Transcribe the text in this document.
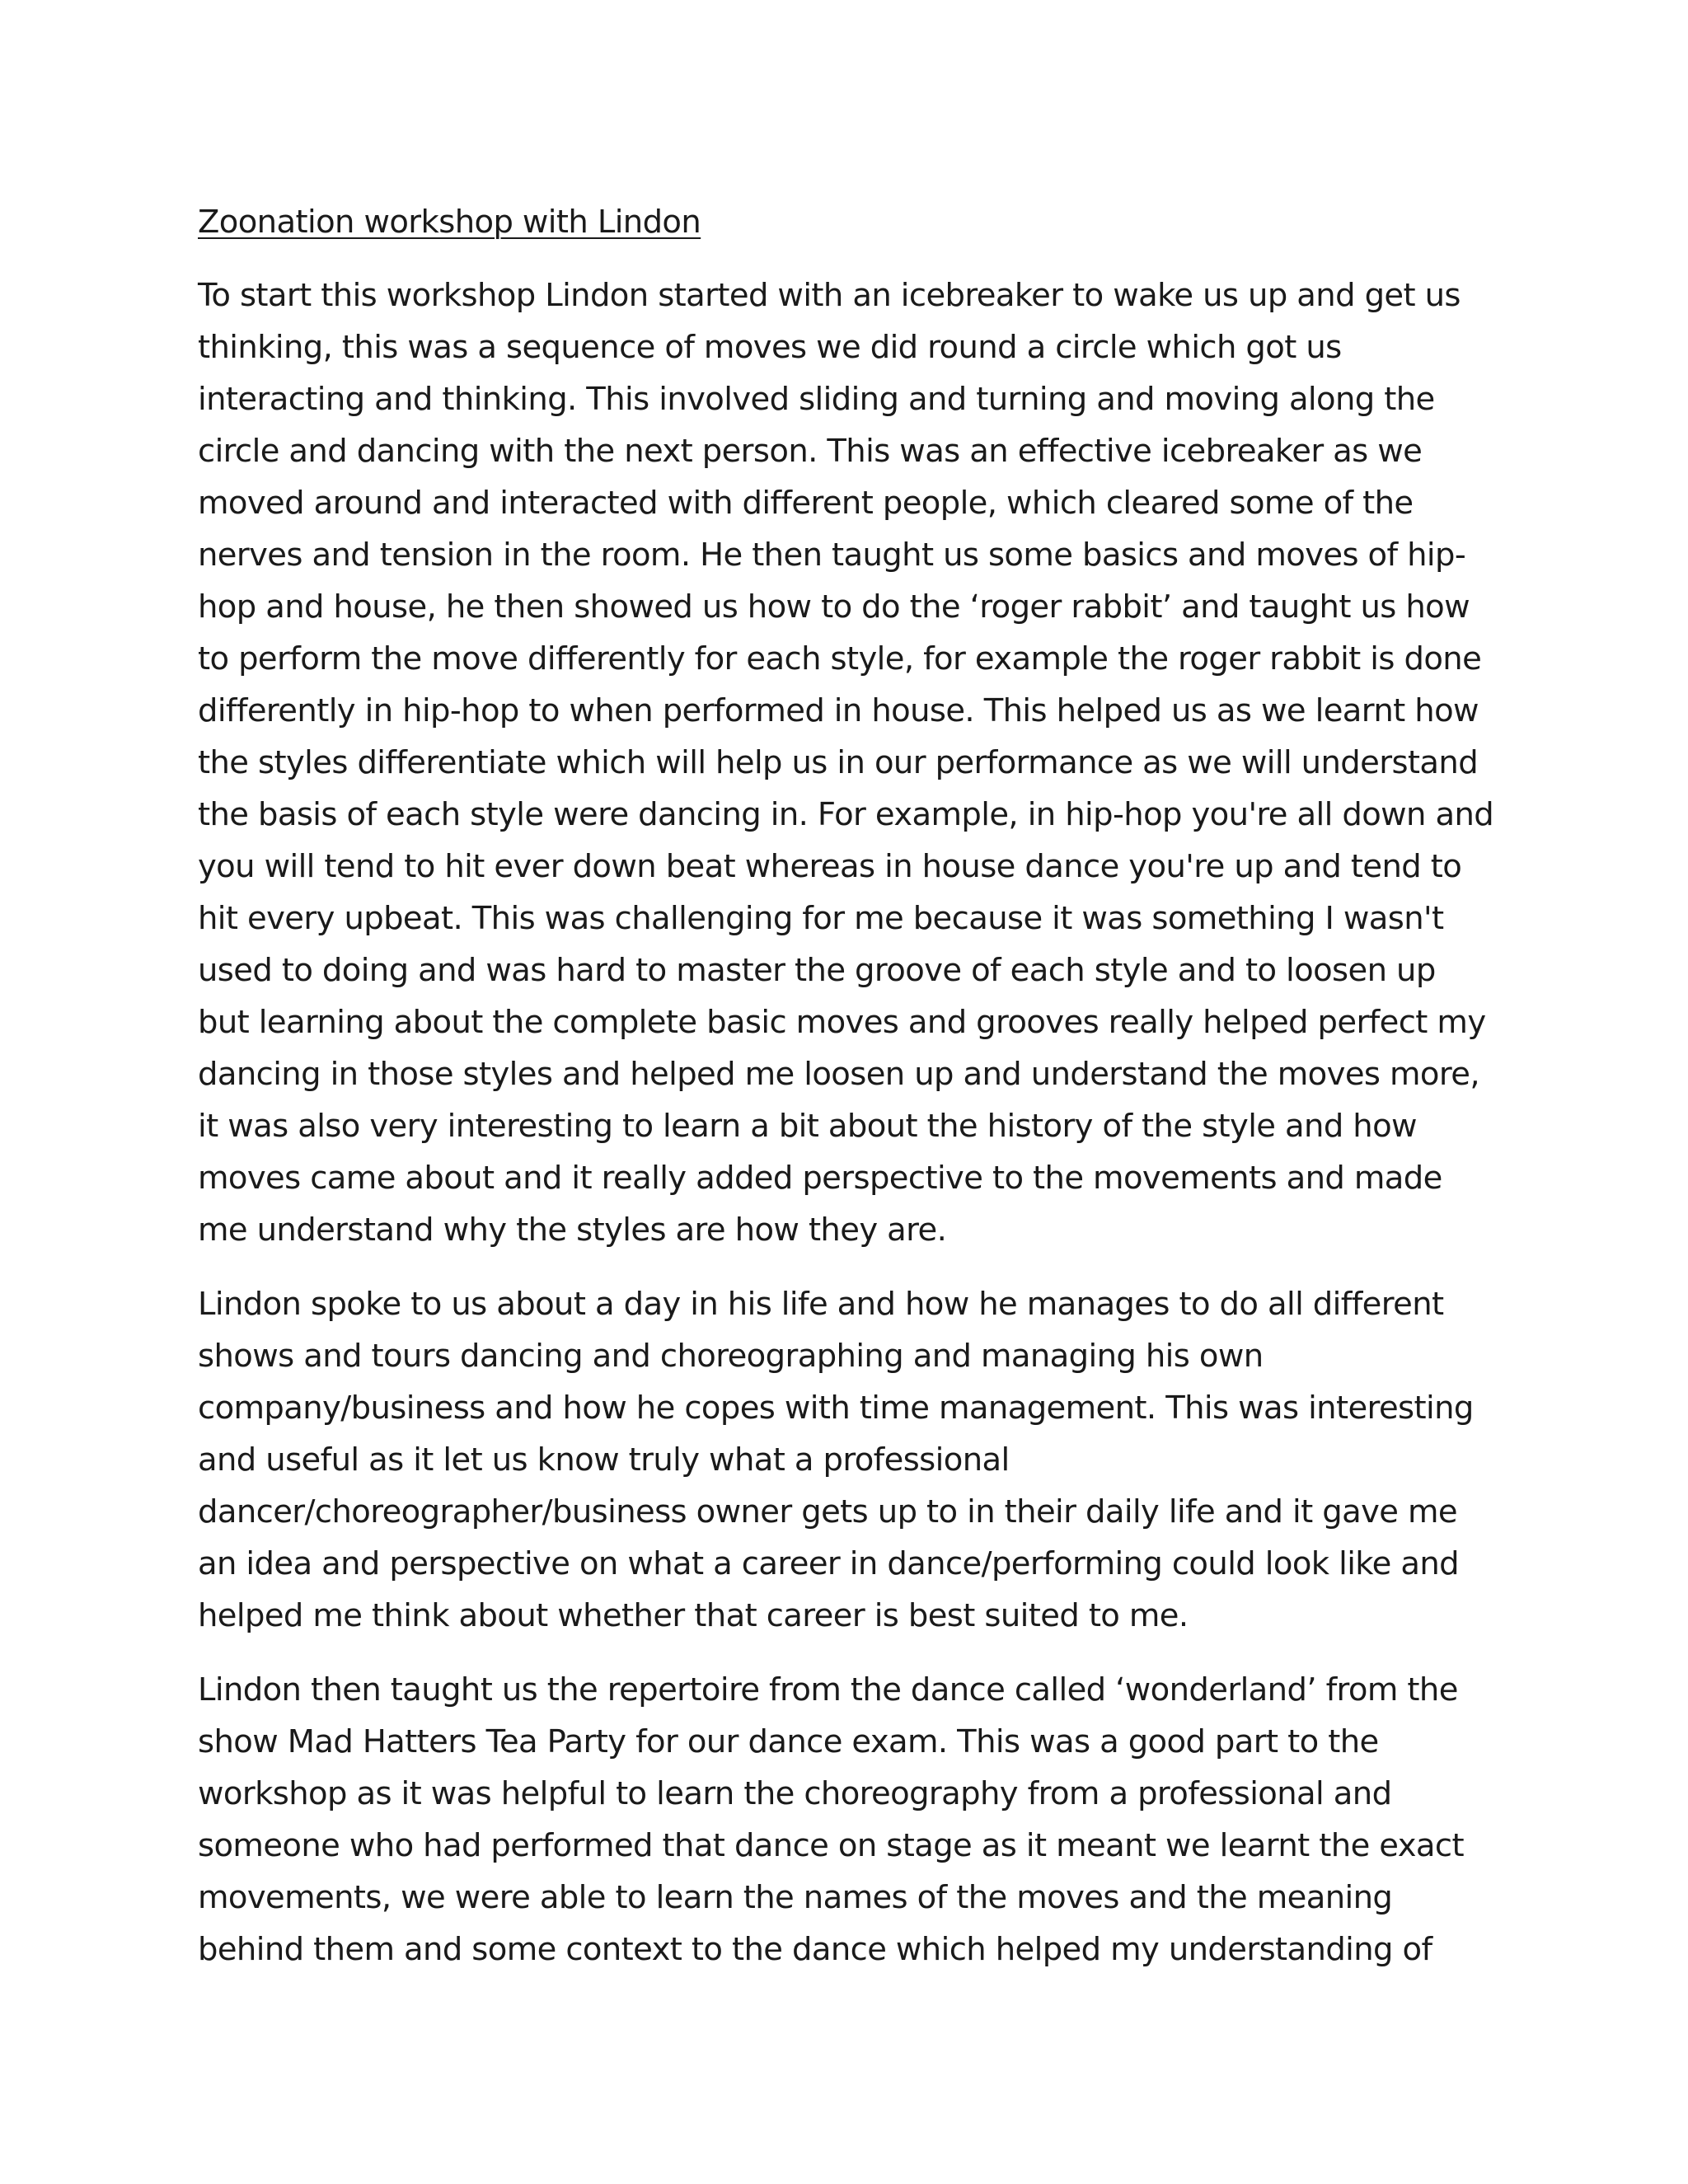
Zoonation workshop with Lindon

To start this workshop Lindon started with an icebreaker to wake us up and get us thinking, this was a sequence of moves we did round a circle which got us interacting and thinking. This involved sliding and turning and moving along the circle and dancing with the next person. This was an effective icebreaker as we moved around and interacted with different people, which cleared some of the nerves and tension in the room. He then taught us some basics and moves of hip-hop and house, he then showed us how to do the ‘roger rabbit’ and taught us how to perform the move differently for each style, for example the roger rabbit is done differently in hip-hop to when performed in house. This helped us as we learnt how the styles differentiate which will help us in our performance as we will understand the basis of each style were dancing in. For example, in hip-hop you're all down and you will tend to hit ever down beat whereas in house dance you're up and tend to hit every upbeat. This was challenging for me because it was something I wasn't used to doing and was hard to master the groove of each style and to loosen up but learning about the complete basic moves and grooves really helped perfect my dancing in those styles and helped me loosen up and understand the moves more, it was also very interesting to learn a bit about the history of the style and how moves came about and it really added perspective to the movements and made me understand why the styles are how they are.

Lindon spoke to us about a day in his life and how he manages to do all different shows and tours dancing and choreographing and managing his own company/business and how he copes with time management. This was interesting and useful as it let us know truly what a professional dancer/choreographer/business owner gets up to in their daily life and it gave me an idea and perspective on what a career in dance/performing could look like and helped me think about whether that career is best suited to me.

Lindon then taught us the repertoire from the dance called ‘wonderland’ from the show Mad Hatters Tea Party for our dance exam. This was a good part to the workshop as it was helpful to learn the choreography from a professional and someone who had performed that dance on stage as it meant we learnt the exact movements, we were able to learn the names of the moves and the meaning behind them and some context to the dance which helped my understanding of
